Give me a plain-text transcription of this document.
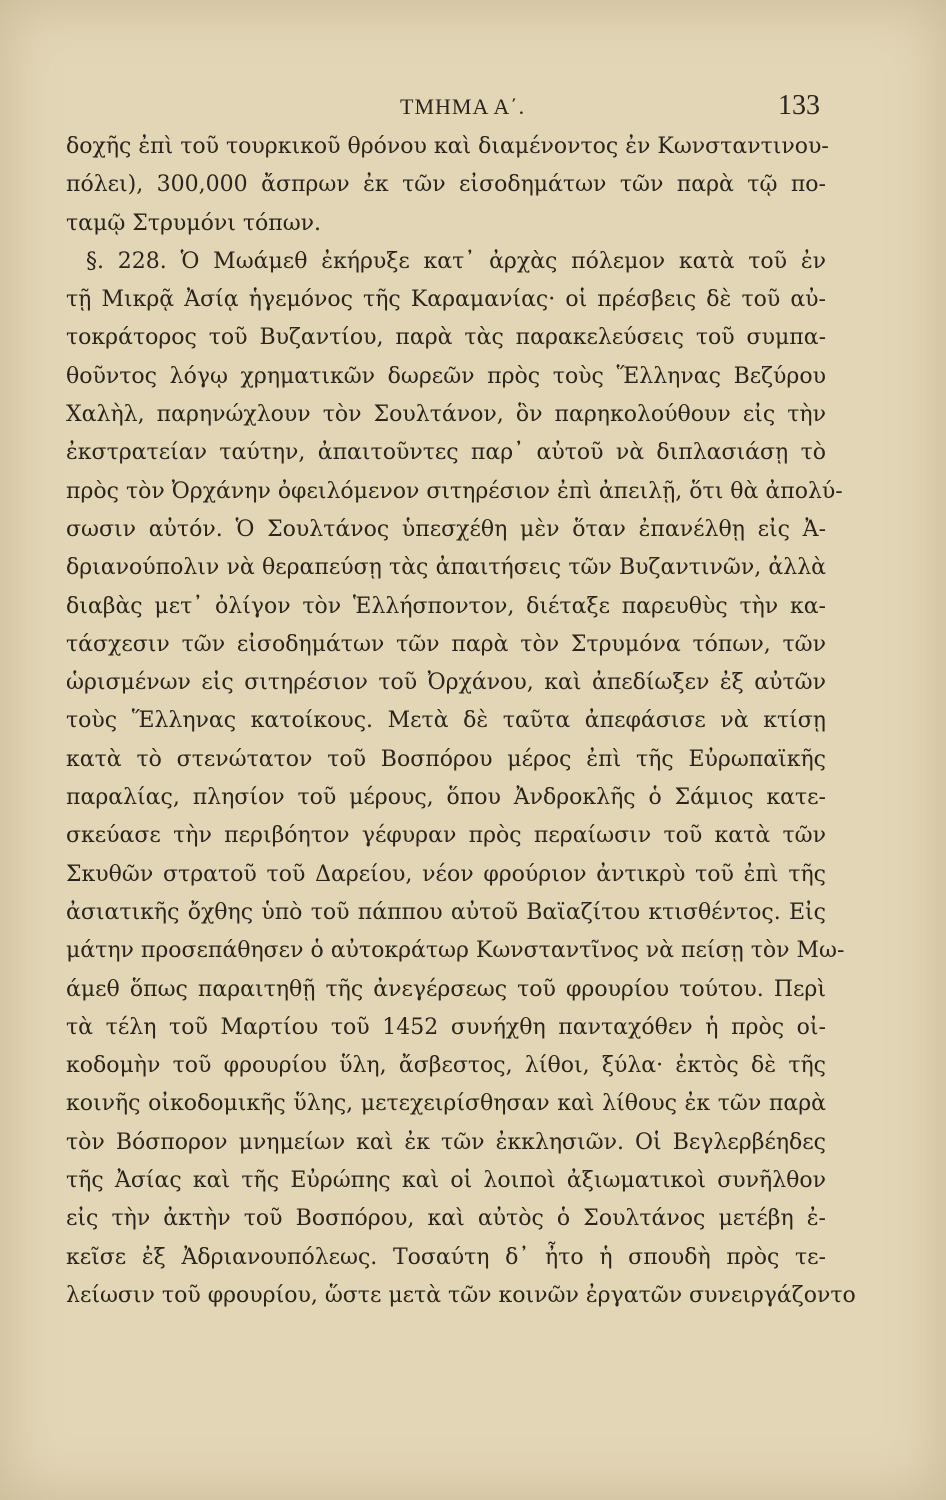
ΤΜΗΜΑ Α΄.	133
δοχῆς ἐπὶ τοῦ τουρκικοῦ θρόνου καὶ διαμένοντος ἐν Κωνσταντινου-
πόλει), 300,000 ἄσπρων ἐκ τῶν εἰσοδημάτων τῶν παρὰ τῷ πο-
ταμῷ Στρυμόνι τόπων.
§. 228. Ὁ Μωάμεθ ἐκήρυξε κατ᾽ ἀρχὰς πόλεμον κατὰ τοῦ ἐν
τῇ Μικρᾷ Ἀσίᾳ ἡγεμόνος τῆς Καραμανίας· οἱ πρέσβεις δὲ τοῦ αὐ-
τοκράτορος τοῦ Βυζαντίου, παρὰ τὰς παρακελεύσεις τοῦ συμπα-
θοῦντος λόγῳ χρηματικῶν δωρεῶν πρὸς τοὺς Ἕλληνας Βεζύρου
Χαλὴλ, παρηνώχλουν τὸν Σουλτάνον, ὃν παρηκολούθουν εἰς τὴν
ἐκστρατείαν ταύτην, ἀπαιτοῦντες παρ᾽ αὐτοῦ νὰ διπλασιάσῃ τὸ
πρὸς τὸν Ὀρχάνην ὀφειλόμενον σιτηρέσιον ἐπὶ ἀπειλῇ, ὅτι θὰ ἀπολύ-
σωσιν αὐτόν. Ὁ Σουλτάνος ὑπεσχέθη μὲν ὅταν ἐπανέλθῃ εἰς Ἀ-
δριανούπολιν νὰ θεραπεύσῃ τὰς ἀπαιτήσεις τῶν Βυζαντινῶν, ἀλλὰ
διαβὰς μετ᾽ ὀλίγον τὸν Ἑλλήσποντον, διέταξε παρευθὺς τὴν κα-
τάσχεσιν τῶν εἰσοδημάτων τῶν παρὰ τὸν Στρυμόνα τόπων, τῶν
ὡρισμένων εἰς σιτηρέσιον τοῦ Ὀρχάνου, καὶ ἀπεδίωξεν ἐξ αὐτῶν
τοὺς Ἕλληνας κατοίκους. Μετὰ δὲ ταῦτα ἀπεφάσισε νὰ κτίσῃ
κατὰ τὸ στενώτατον τοῦ Βοσπόρου μέρος ἐπὶ τῆς Εὐρωπαϊκῆς
παραλίας, πλησίον τοῦ μέρους, ὅπου Ἀνδροκλῆς ὁ Σάμιος κατε-
σκεύασε τὴν περιβόητον γέφυραν πρὸς περαίωσιν τοῦ κατὰ τῶν
Σκυθῶν στρατοῦ τοῦ Δαρείου, νέον φρούριον ἀντικρὺ τοῦ ἐπὶ τῆς
ἀσιατικῆς ὄχθης ὑπὸ τοῦ πάππου αὐτοῦ Βαϊαζίτου κτισθέντος. Εἰς
μάτην προσεπάθησεν ὁ αὐτοκράτωρ Κωνσταντῖνος νὰ πείσῃ τὸν Μω-
άμεθ ὅπως παραιτηθῇ τῆς ἀνεγέρσεως τοῦ φρουρίου τούτου. Περὶ
τὰ τέλη τοῦ Μαρτίου τοῦ 1452 συνήχθη πανταχόθεν ἡ πρὸς οἰ-
κοδομὴν τοῦ φρουρίου ὕλη, ἄσβεστος, λίθοι, ξύλα· ἐκτὸς δὲ τῆς
κοινῆς οἰκοδομικῆς ὕλης, μετεχειρίσθησαν καὶ λίθους ἐκ τῶν παρὰ
τὸν Βόσπορον μνημείων καὶ ἐκ τῶν ἐκκλησιῶν. Οἱ Βεγλερβέηδες
τῆς Ἀσίας καὶ τῆς Εὐρώπης καὶ οἱ λοιποὶ ἀξιωματικοὶ συνῆλθον
εἰς τὴν ἀκτὴν τοῦ Βοσπόρου, καὶ αὐτὸς ὁ Σουλτάνος μετέβη ἐ-
κεῖσε ἐξ Ἀδριανουπόλεως. Τοσαύτη δ᾽ ἦτο ἡ σπουδὴ πρὸς τε-
λείωσιν τοῦ φρουρίου, ὥστε μετὰ τῶν κοινῶν ἐργατῶν συνειργάζοντο
